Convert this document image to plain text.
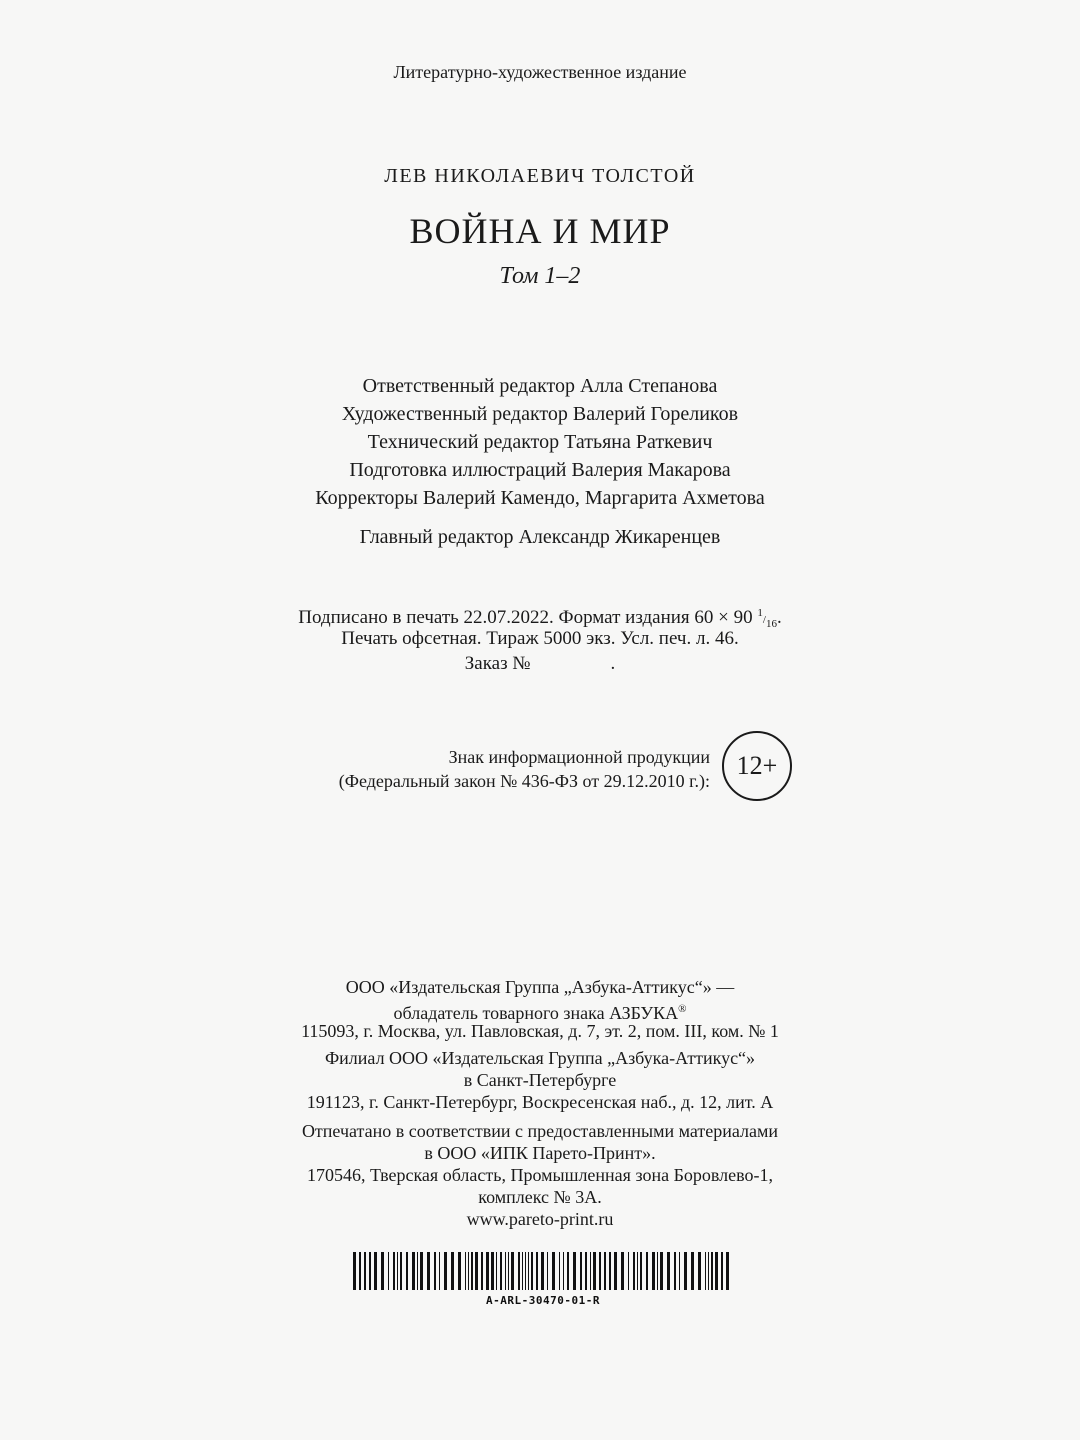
Литературно-художественное издание
ЛЕВ НИКОЛАЕВИЧ ТОЛСТОЙ
ВОЙНА И МИР
Том 1–2
Ответственный редактор Алла Степанова
Художественный редактор Валерий Гореликов
Технический редактор Татьяна Раткевич
Подготовка иллюстраций Валерия Макарова
Корректоры Валерий Камендо, Маргарита Ахметова
Главный редактор Александр Жикаренцев
Подписано в печать 22.07.2022. Формат издания 60 × 90 1/16.
Печать офсетная. Тираж 5000 экз. Усл. печ. л. 46.
Заказ №	.
Знак информационной продукции
(Федеральный закон № 436-ФЗ от 29.12.2010 г.):
12+
ООО «Издательская Группа „Азбука-Аттикус“» —
обладатель товарного знака АЗБУКА®
115093, г. Москва, ул. Павловская, д. 7, эт. 2, пом. III, ком. № 1
Филиал ООО «Издательская Группа „Азбука-Аттикус“»
в Санкт-Петербурге
191123, г. Санкт-Петербург, Воскресенская наб., д. 12, лит. А
Отпечатано в соответствии с предоставленными материалами
в ООО «ИПК Парето-Принт».
170546, Тверская область, Промышленная зона Боровлево-1,
комплекс № 3А.
www.pareto-print.ru
A-ARL-30470-01-R
